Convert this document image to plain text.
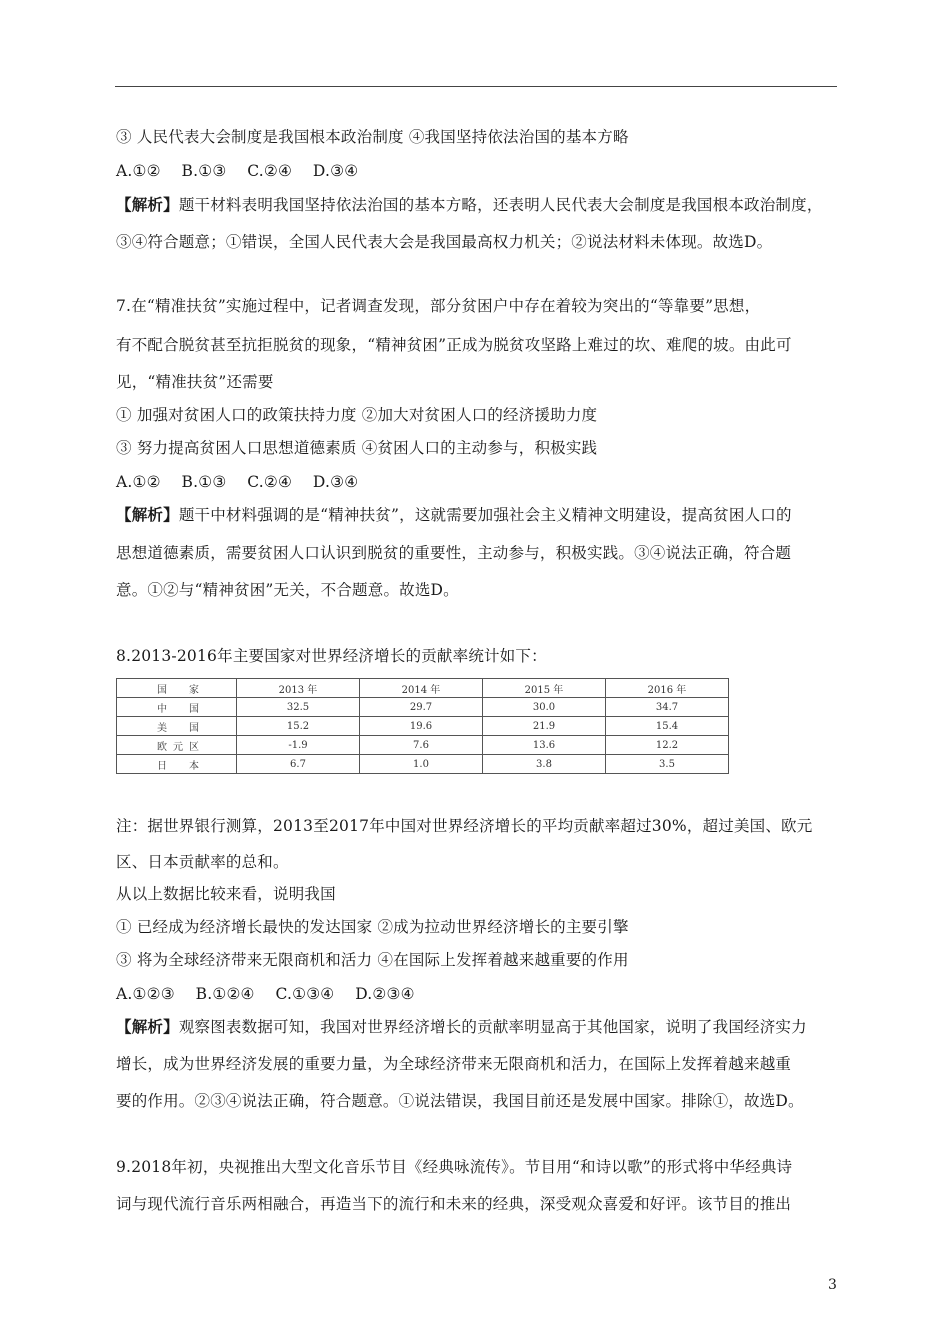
③ 人民代表大会制度是我国根本政治制度 ④我国坚持依法治国的基本方略
A.①②　 B.①③　 C.②④　 D.③④
【解析】题干材料表明我国坚持依法治国的基本方略，还表明人民代表大会制度是我国根本政治制度，
③④符合题意；①错误，全国人民代表大会是我国最高权力机关；②说法材料未体现。故选D。
7.在“精准扶贫”实施过程中，记者调查发现，部分贫困户中存在着较为突出的“等靠要”思想，
有不配合脱贫甚至抗拒脱贫的现象，“精神贫困”正成为脱贫攻坚路上难过的坎、难爬的坡。由此可
见，“精准扶贫”还需要
① 加强对贫困人口的政策扶持力度 ②加大对贫困人口的经济援助力度
③ 努力提高贫困人口思想道德素质 ④贫困人口的主动参与，积极实践
A.①②　 B.①③　 C.②④　 D.③④
【解析】题干中材料强调的是“精神扶贫”，这就需要加强社会主义精神文明建设，提高贫困人口的
思想道德素质，需要贫困人口认识到脱贫的重要性，主动参与，积极实践。③④说法正确，符合题
意。①②与“精神贫困”无关，不合题意。故选D。
8.2013-2016年主要国家对世界经济增长的贡献率统计如下：
国　家	2013 年	2014 年	2015 年	2016 年
中　国	32.5	29.7	30.0	34.7
美　国	15.2	19.6	21.9	15.4
欧元区	-1.9	7.6	13.6	12.2
日　本	6.7	1.0	3.8	3.5
注：据世界银行测算，2013至2017年中国对世界经济增长的平均贡献率超过30%，超过美国、欧元
区、日本贡献率的总和。
从以上数据比较来看，说明我国
① 已经成为经济增长最快的发达国家 ②成为拉动世界经济增长的主要引擎
③ 将为全球经济带来无限商机和活力 ④在国际上发挥着越来越重要的作用
A.①②③　 B.①②④　 C.①③④　 D.②③④
【解析】观察图表数据可知，我国对世界经济增长的贡献率明显高于其他国家，说明了我国经济实力
增长，成为世界经济发展的重要力量，为全球经济带来无限商机和活力，在国际上发挥着越来越重
要的作用。②③④说法正确，符合题意。①说法错误，我国目前还是发展中国家。排除①，故选D。
9.2018年初，央视推出大型文化音乐节目《经典咏流传》。节目用“和诗以歌”的形式将中华经典诗
词与现代流行音乐两相融合，再造当下的流行和未来的经典，深受观众喜爱和好评。该节目的推出
3
